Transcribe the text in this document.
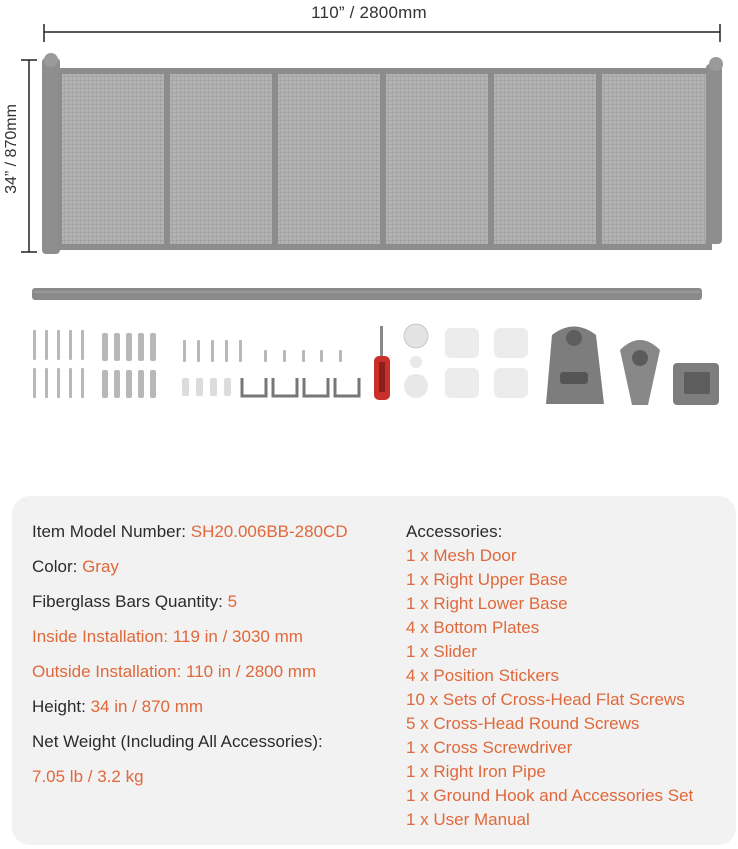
110” / 2800mm
34” / 870mm
Item Model Number: SH20.006BB-280CD
Color: Gray
Fiberglass Bars Quantity: 5
Inside Installation: 119 in / 3030 mm
Outside Installation: 110 in / 2800 mm
Height: 34 in / 870 mm
Net Weight (Including All Accessories):
7.05 lb / 3.2 kg
Accessories:
1 x Mesh Door
1 x Right Upper Base
1 x Right Lower Base
4 x Bottom Plates
1 x Slider
4 x Position Stickers
10 x Sets of Cross-Head Flat Screws
5 x Cross-Head Round Screws
1 x Cross Screwdriver
1 x Right Iron Pipe
1 x Ground Hook and Accessories Set
1 x User Manual
